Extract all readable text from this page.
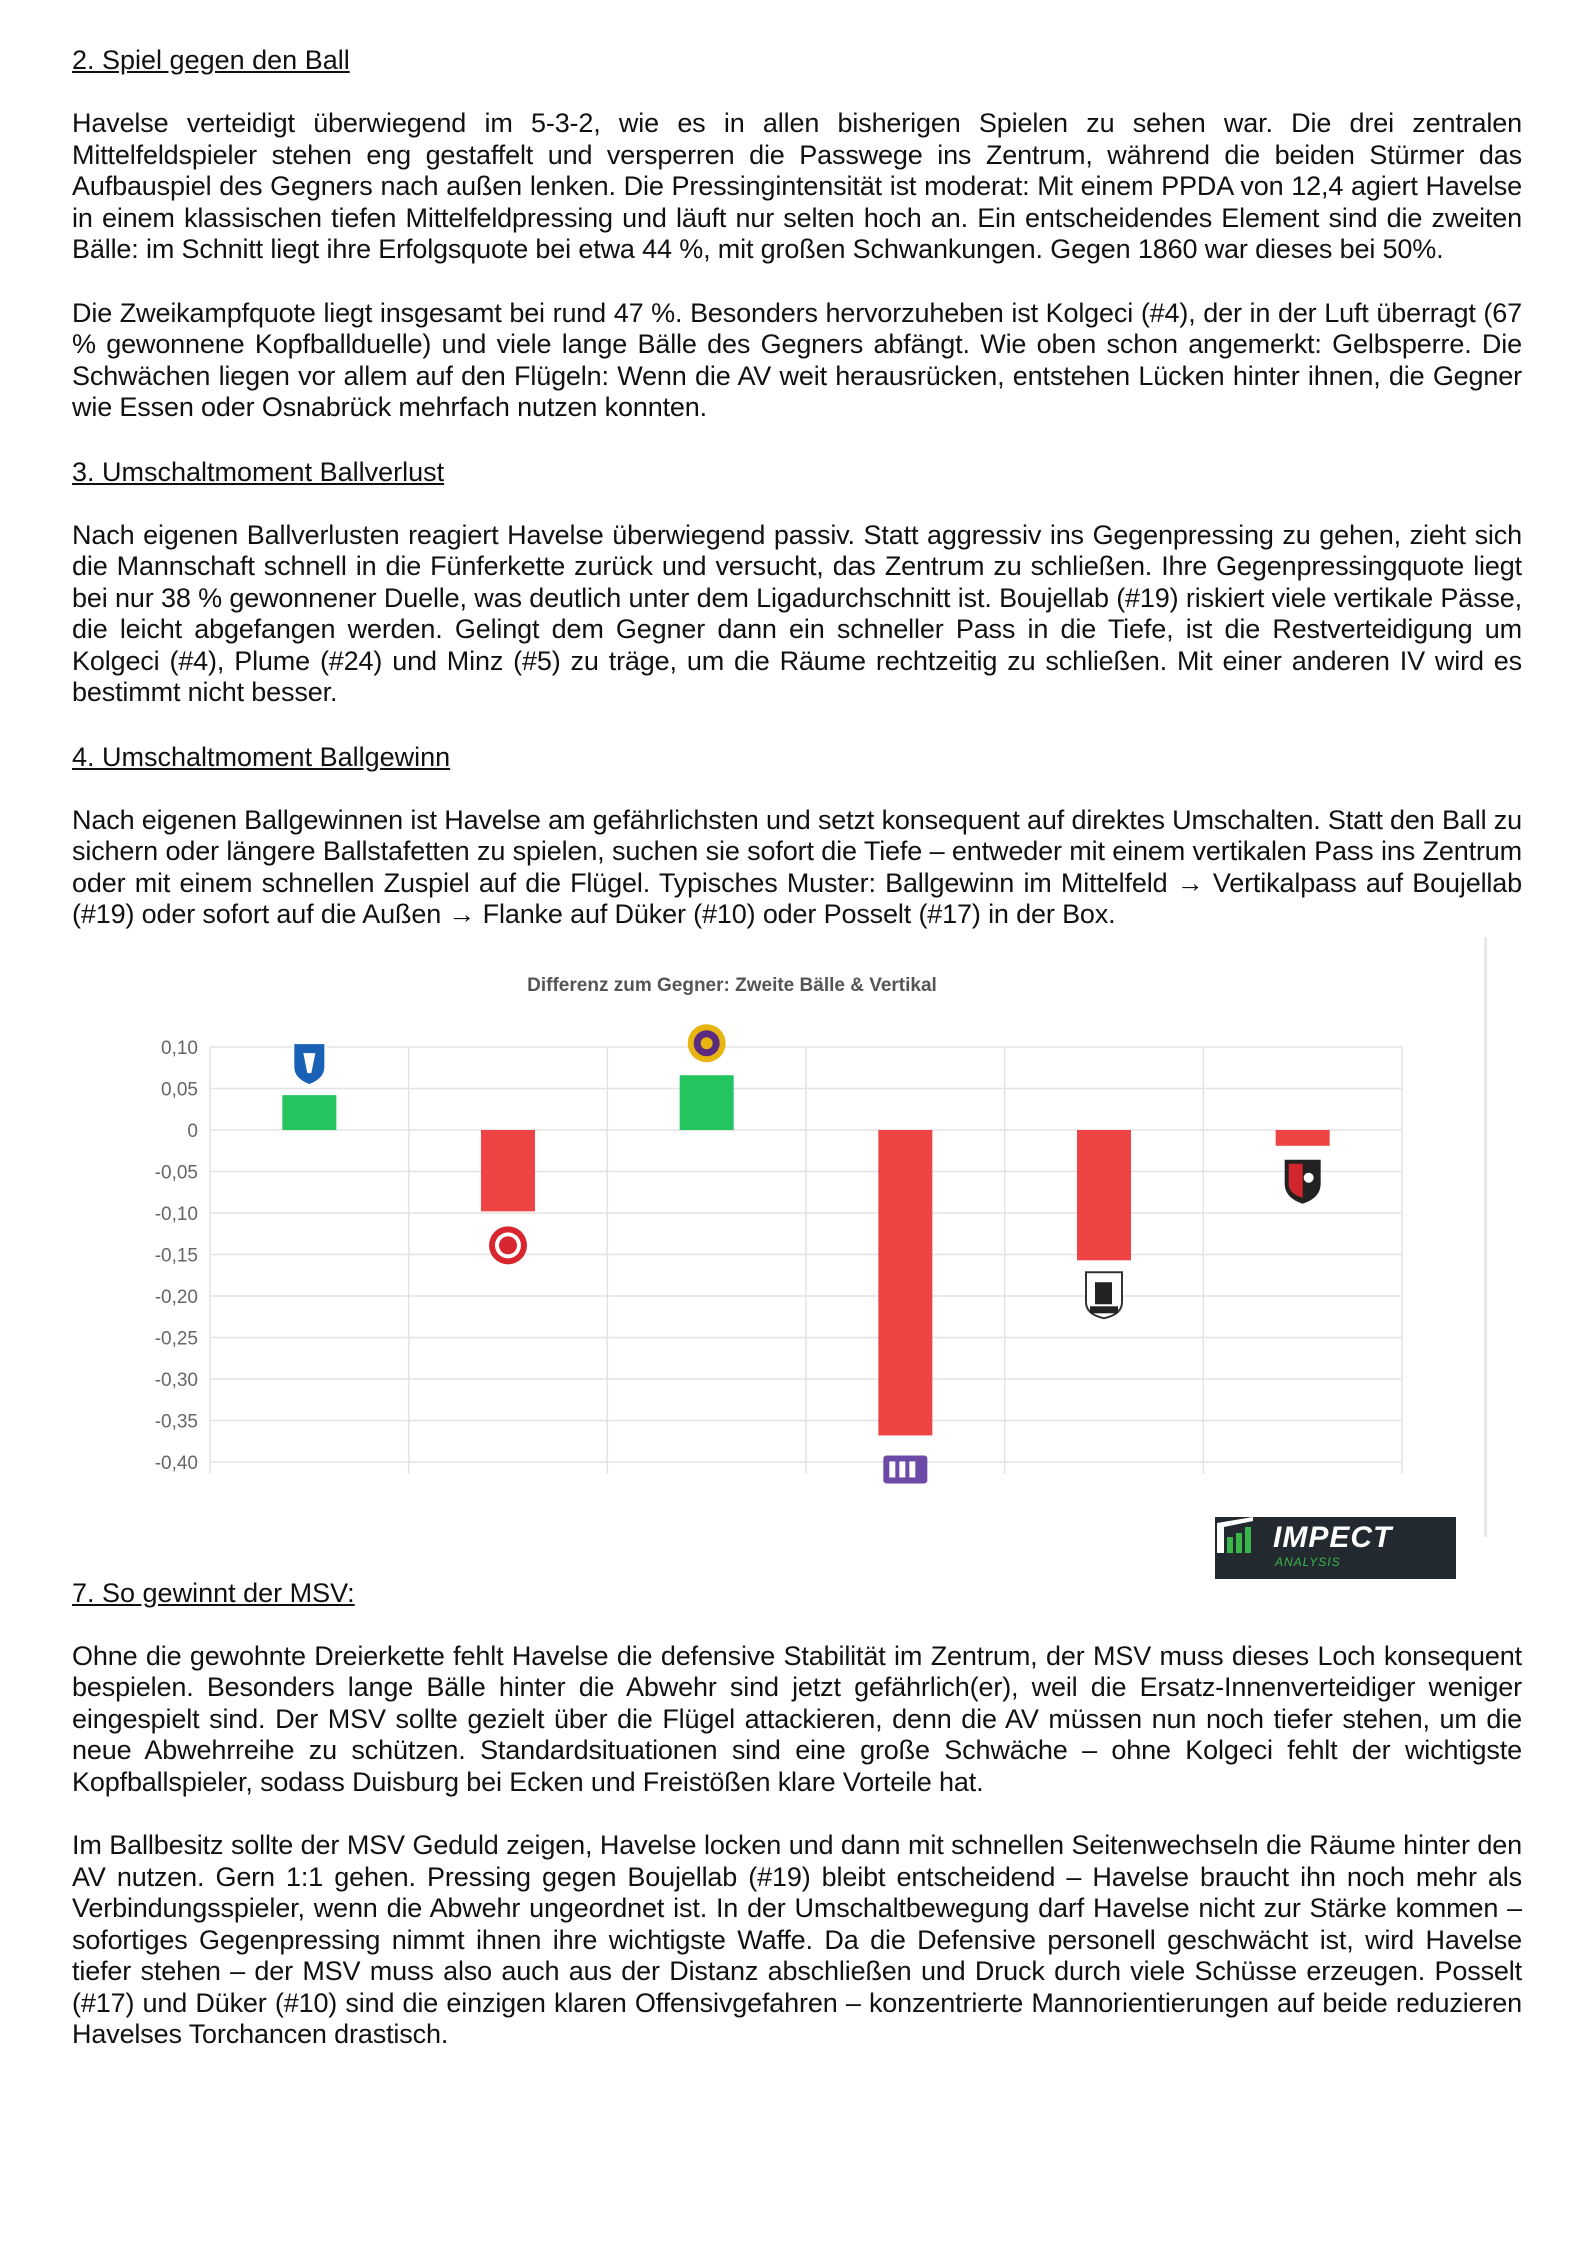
2. Spiel gegen den Ball

Havelse verteidigt überwiegend im 5-3-2, wie es in allen bisherigen Spielen zu sehen war. Die drei zentralen Mittelfeldspieler stehen eng gestaffelt und versperren die Passwege ins Zentrum, während die beiden Stürmer das Aufbauspiel des Gegners nach außen lenken. Die Pressingintensität ist moderat: Mit einem PPDA von 12,4 agiert Havelse in einem klassischen tiefen Mittelfeldpressing und läuft nur selten hoch an. Ein entscheidendes Element sind die zweiten Bälle: im Schnitt liegt ihre Erfolgsquote bei etwa 44 %, mit großen Schwankungen. Gegen 1860 war dieses bei 50%.

Die Zweikampfquote liegt insgesamt bei rund 47 %. Besonders hervorzuheben ist Kolgeci (#4), der in der Luft überragt (67 % gewonnene Kopfballduelle) und viele lange Bälle des Gegners abfängt. Wie oben schon angemerkt: Gelbsperre. Die Schwächen liegen vor allem auf den Flügeln: Wenn die AV weit herausrücken, entstehen Lücken hinter ihnen, die Gegner wie Essen oder Osnabrück mehrfach nutzen konnten.

3. Umschaltmoment Ballverlust

Nach eigenen Ballverlusten reagiert Havelse überwiegend passiv. Statt aggressiv ins Gegenpressing zu gehen, zieht sich die Mannschaft schnell in die Fünferkette zurück und versucht, das Zentrum zu schließen. Ihre Gegenpressingquote liegt bei nur 38 % gewonnener Duelle, was deutlich unter dem Ligadurchschnitt ist. Boujellab (#19) riskiert viele vertikale Pässe, die leicht abgefangen werden. Gelingt dem Gegner dann ein schneller Pass in die Tiefe, ist die Restverteidigung um Kolgeci (#4), Plume (#24) und Minz (#5) zu träge, um die Räume rechtzeitig zu schließen. Mit einer anderen IV wird es bestimmt nicht besser.

4. Umschaltmoment Ballgewinn

Nach eigenen Ballgewinnen ist Havelse am gefährlichsten und setzt konsequent auf direktes Umschalten. Statt den Ball zu sichern oder längere Ballstafetten zu spielen, suchen sie sofort die Tiefe – entweder mit einem vertikalen Pass ins Zentrum oder mit einem schnellen Zuspiel auf die Flügel. Typisches Muster: Ballgewinn im Mittelfeld → Vertikalpass auf Boujellab (#19) oder sofort auf die Außen → Flanke auf Düker (#10) oder Posselt (#17) in der Box.

Differenz zum Gegner: Zweite Bälle & Vertikal
0,10
0,05
0
-0,05
-0,10
-0,15
-0,20
-0,25
-0,30
-0,35
-0,40
IMPECT
ANALYSIS

7. So gewinnt der MSV:

Ohne die gewohnte Dreierkette fehlt Havelse die defensive Stabilität im Zentrum, der MSV muss dieses Loch konsequent bespielen. Besonders lange Bälle hinter die Abwehr sind jetzt gefährlich(er), weil die Ersatz-Innenverteidiger weniger eingespielt sind. Der MSV sollte gezielt über die Flügel attackieren, denn die AV müssen nun noch tiefer stehen, um die neue Abwehrreihe zu schützen. Standardsituationen sind eine große Schwäche – ohne Kolgeci fehlt der wichtigste Kopfballspieler, sodass Duisburg bei Ecken und Freistößen klare Vorteile hat.

Im Ballbesitz sollte der MSV Geduld zeigen, Havelse locken und dann mit schnellen Seitenwechseln die Räume hinter den AV nutzen. Gern 1:1 gehen. Pressing gegen Boujellab (#19) bleibt entscheidend – Havelse braucht ihn noch mehr als Verbindungsspieler, wenn die Abwehr ungeordnet ist. In der Umschaltbewegung darf Havelse nicht zur Stärke kommen – sofortiges Gegenpressing nimmt ihnen ihre wichtigste Waffe. Da die Defensive personell geschwächt ist, wird Havelse tiefer stehen – der MSV muss also auch aus der Distanz abschließen und Druck durch viele Schüsse erzeugen. Posselt (#17) und Düker (#10) sind die einzigen klaren Offensivgefahren – konzentrierte Mannorientierungen auf beide reduzieren Havelses Torchancen drastisch.
